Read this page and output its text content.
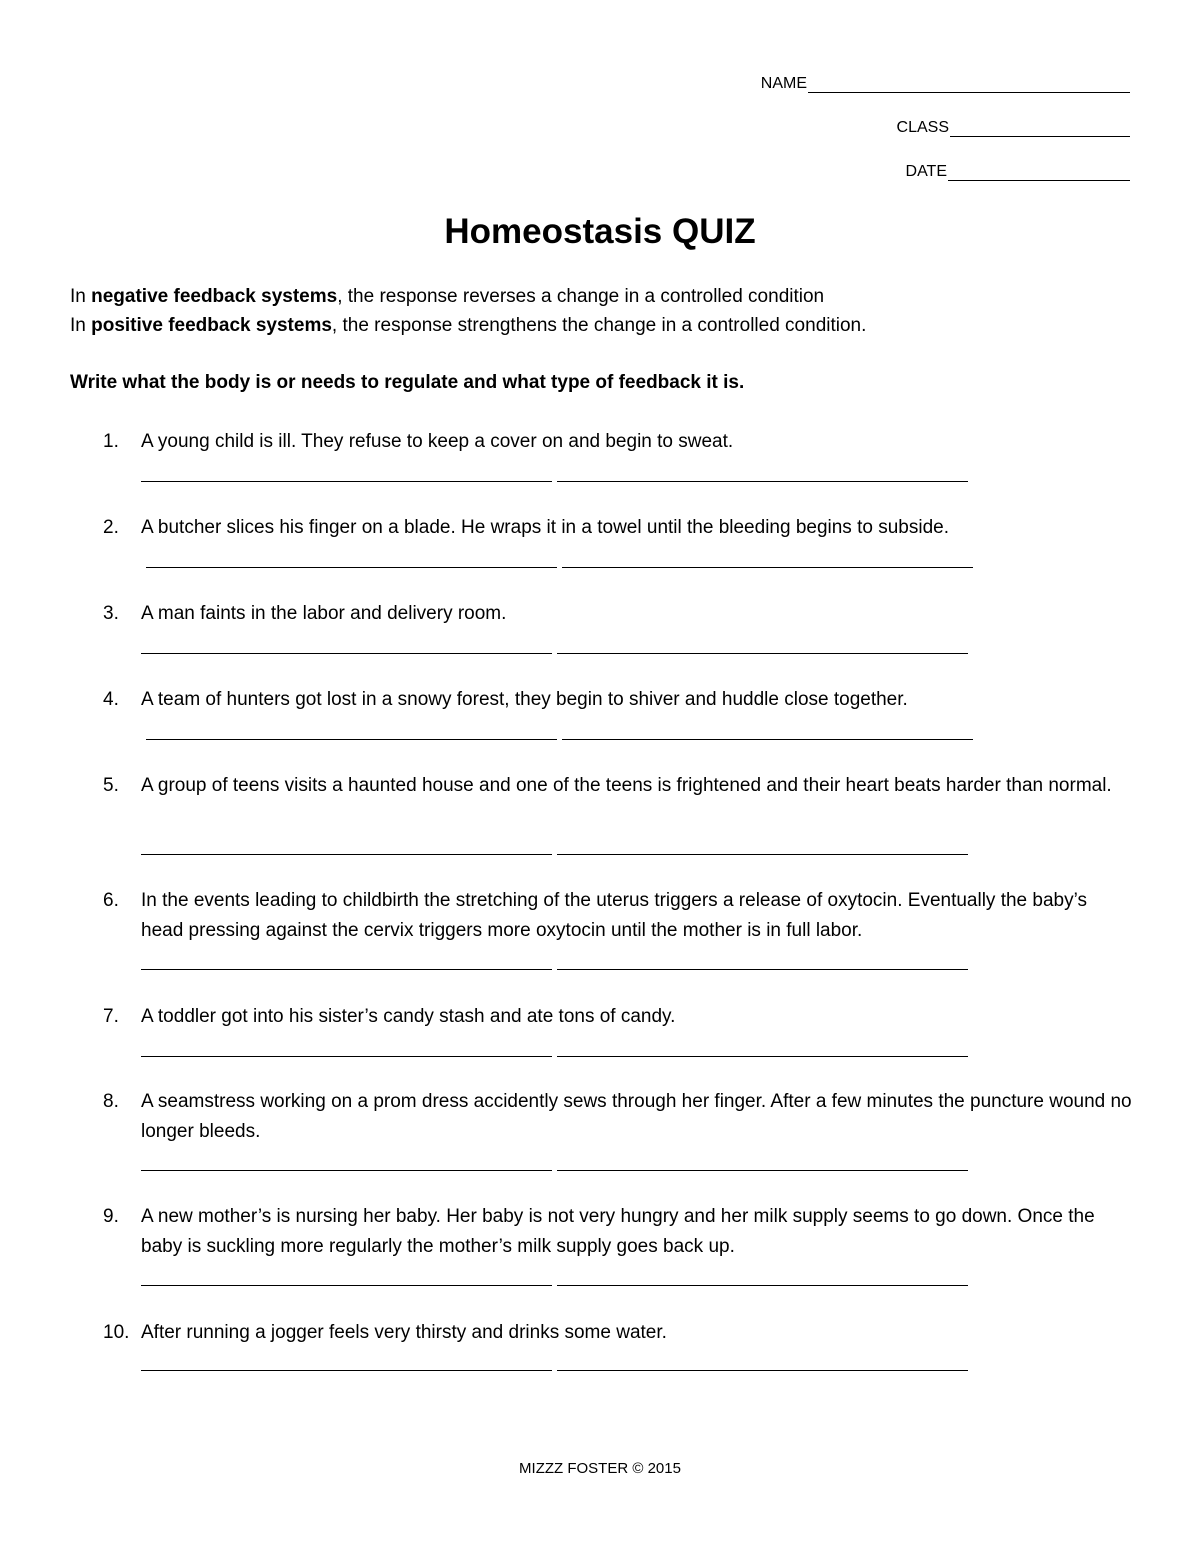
NAME
CLASS
DATE
Homeostasis QUIZ
In negative feedback systems, the response reverses a change in a controlled condition
In positive feedback systems, the response strengthens the change in a controlled condition.
Write what the body is or needs to regulate and what type of feedback it is.
1.	A young child is ill. They refuse to keep a cover on and begin to sweat.
2.	A butcher slices his finger on a blade. He wraps it in a towel until the bleeding begins to subside.
3.	A man faints in the labor and delivery room.
4.	A team of hunters got lost in a snowy forest, they begin to shiver and huddle close together.
5.	A group of teens visits a haunted house and one of the teens is frightened and their heart beats harder than normal.
6.	In the events leading to childbirth the stretching of the uterus triggers a release of oxytocin. Eventually the baby’s head pressing against the cervix triggers more oxytocin until the mother is in full labor.
7.	A toddler got into his sister’s candy stash and ate tons of candy.
8.	A seamstress working on a prom dress accidently sews through her finger. After a few minutes the puncture wound no longer bleeds.
9.	A new mother’s is nursing her baby. Her baby is not very hungry and her milk supply seems to go down. Once the baby is suckling more regularly the mother’s milk supply goes back up.
10. After running a jogger feels very thirsty and drinks some water.
MIZZZ FOSTER © 2015
